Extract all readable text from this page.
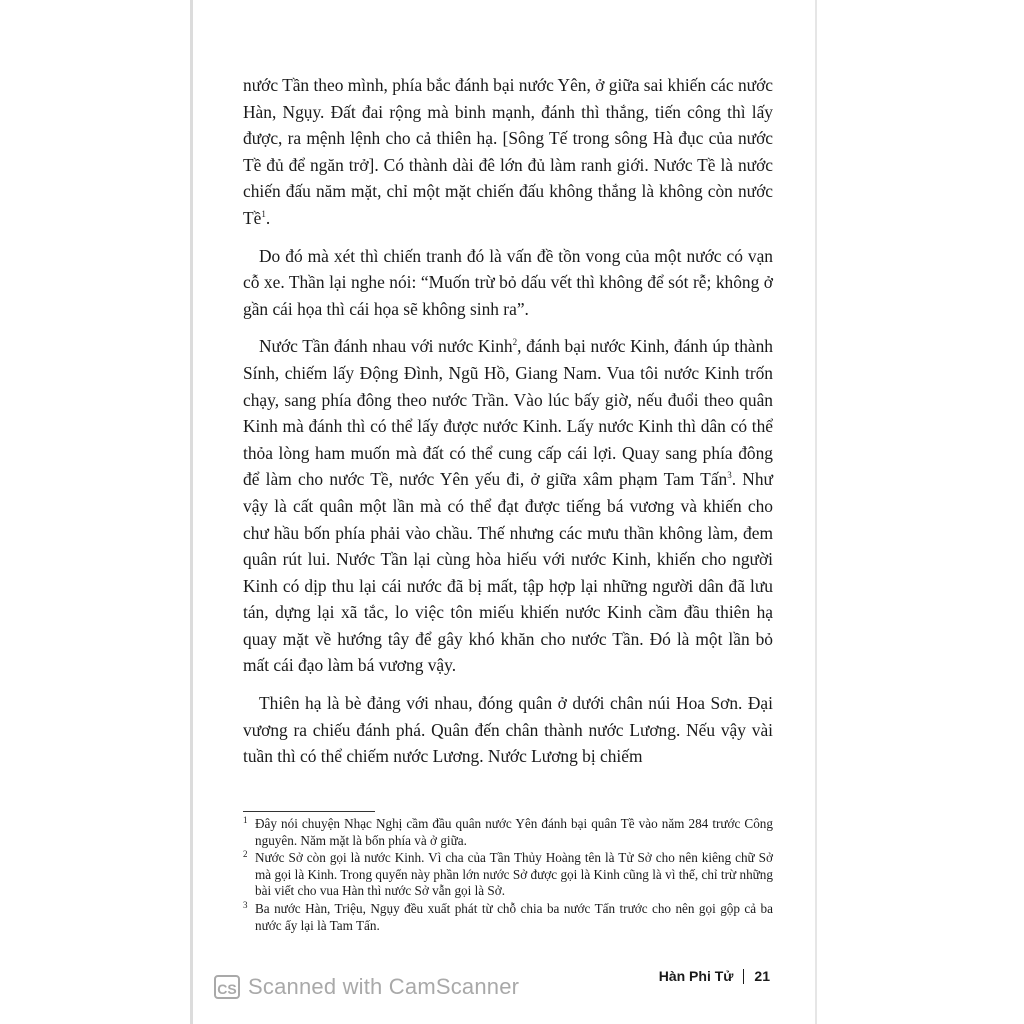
nước Tần theo mình, phía bắc đánh bại nước Yên, ở giữa sai khiến các nước Hàn, Ngụy. Đất đai rộng mà binh mạnh, đánh thì thắng, tiến công thì lấy được, ra mệnh lệnh cho cả thiên hạ. [Sông Tế trong sông Hà đục của nước Tề đủ để ngăn trở]. Có thành dài đê lớn đủ làm ranh giới. Nước Tề là nước chiến đấu năm mặt, chỉ một mặt chiến đấu không thắng là không còn nước Tề$^1$.

Do đó mà xét thì chiến tranh đó là vấn đề tồn vong của một nước có vạn cỗ xe. Thần lại nghe nói: “Muốn trừ bỏ dấu vết thì không để sót rễ; không ở gần cái họa thì cái họa sẽ không sinh ra”.

Nước Tần đánh nhau với nước Kinh$^2$, đánh bại nước Kinh, đánh úp thành Sính, chiếm lấy Động Đình, Ngũ Hồ, Giang Nam. Vua tôi nước Kinh trốn chạy, sang phía đông theo nước Trần. Vào lúc bấy giờ, nếu đuổi theo quân Kinh mà đánh thì có thể lấy được nước Kinh. Lấy nước Kinh thì dân có thể thỏa lòng ham muốn mà đất có thể cung cấp cái lợi. Quay sang phía đông để làm cho nước Tề, nước Yên yếu đi, ở giữa xâm phạm Tam Tấn$^3$. Như vậy là cất quân một lần mà có thể đạt được tiếng bá vương và khiến cho chư hầu bốn phía phải vào chầu. Thế nhưng các mưu thần không làm, đem quân rút lui. Nước Tần lại cùng hòa hiếu với nước Kinh, khiến cho người Kinh có dịp thu lại cái nước đã bị mất, tập hợp lại những người dân đã lưu tán, dựng lại xã tắc, lo việc tôn miếu khiến nước Kinh cầm đầu thiên hạ quay mặt về hướng tây để gây khó khăn cho nước Tần. Đó là một lần bỏ mất cái đạo làm bá vương vậy.

Thiên hạ là bè đảng với nhau, đóng quân ở dưới chân núi Hoa Sơn. Đại vương ra chiếu đánh phá. Quân đến chân thành nước Lương. Nếu vậy vài tuần thì có thể chiếm nước Lương. Nước Lương bị chiếm

1 Đây nói chuyện Nhạc Nghị cầm đầu quân nước Yên đánh bại quân Tề vào năm 284 trước Công nguyên. Năm mặt là bốn phía và ở giữa.
2 Nước Sở còn gọi là nước Kinh. Vì cha của Tần Thủy Hoàng tên là Tử Sở cho nên kiêng chữ Sở mà gọi là Kinh. Trong quyển này phần lớn nước Sở được gọi là Kinh cũng là vì thế, chỉ trừ những bài viết cho vua Hàn thì nước Sở vẫn gọi là Sở.
3 Ba nước Hàn, Triệu, Ngụy đều xuất phát từ chỗ chia ba nước Tấn trước cho nên gọi gộp cả ba nước ấy lại là Tam Tấn.
CS Scanned with CamScanner	Hàn Phi Tử 21
